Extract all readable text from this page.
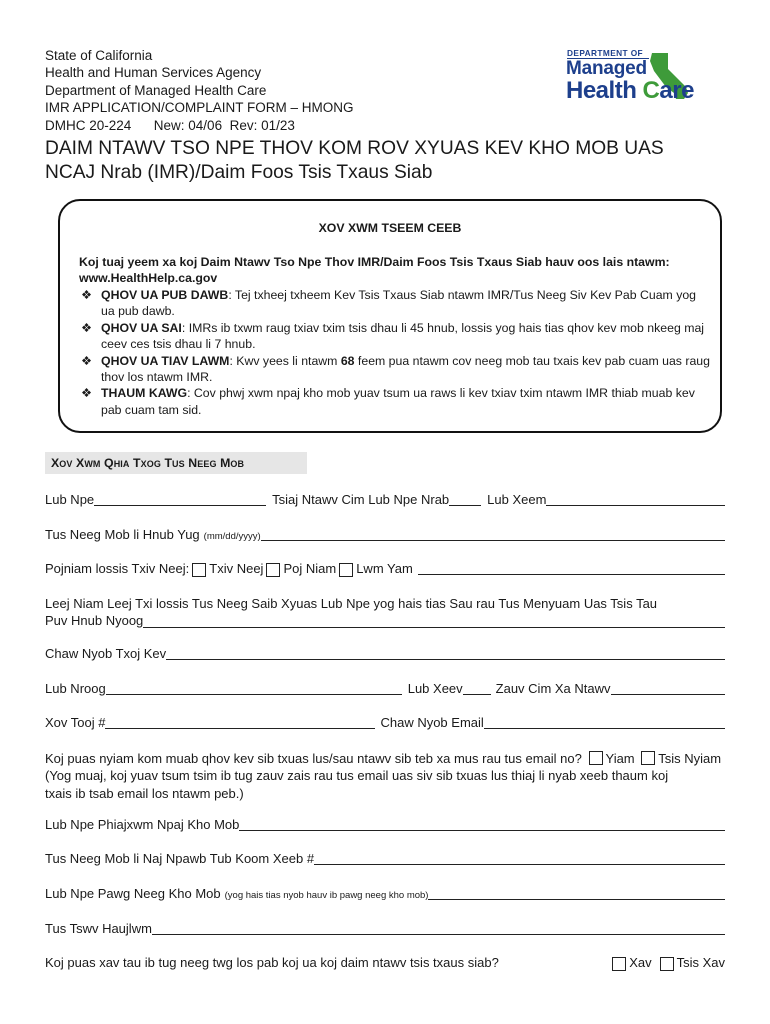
State of California
Health and Human Services Agency
Department of Managed Health Care
IMR APPLICATION/COMPLAINT FORM – HMONG
DMHC 20-224      New: 04/06  Rev: 01/23
DEPARTMENT OF
Managed
Health Care
DAIM NTAWV TSO NPE THOV KOM ROV XYUAS KEV KHO MOB UAS
NCAJ Nrab (IMR)/Daim Foos Tsis Txaus Siab
XOV XWM TSEEM CEEB
Koj tuaj yeem xa koj Daim Ntawv Tso Npe Thov IMR/Daim Foos Tsis Txaus Siab hauv oos lais ntawm: www.HealthHelp.ca.gov
❖ QHOV UA PUB DAWB: Tej txheej txheem Kev Tsis Txaus Siab ntawm IMR/Tus Neeg Siv Kev Pab Cuam yog ua pub dawb.
❖ QHOV UA SAI: IMRs ib txwm raug txiav txim tsis dhau li 45 hnub, lossis yog hais tias qhov kev mob nkeeg maj ceev ces tsis dhau li 7 hnub.
❖ QHOV UA TIAV LAWM: Kwv yees li ntawm 68 feem pua ntawm cov neeg mob tau txais kev pab cuam uas raug thov los ntawm IMR.
❖ THAUM KAWG: Cov phwj xwm npaj kho mob yuav tsum ua raws li kev txiav txim ntawm IMR thiab muab kev pab cuam tam sid.
Xov Xwm Qhia Txog Tus Neeg Mob
Lub Npe	Tsiaj Ntawv Cim Lub Npe Nrab	Lub Xeem
Tus Neeg Mob li Hnub Yug (mm/dd/yyyy)
Pojniam lossis Txiv Neej: Txiv Neej Poj Niam Lwm Yam
Leej Niam Leej Txi lossis Tus Neeg Saib Xyuas Lub Npe yog hais tias Sau rau Tus Menyuam Uas Tsis Tau
Puv Hnub Nyoog
Chaw Nyob Txoj Kev
Lub Nroog	Lub Xeev	Zauv Cim Xa Ntawv
Xov Tooj #	Chaw Nyob Email
Koj puas nyiam kom muab qhov kev sib txuas lus/sau ntawv sib teb xa mus rau tus email no? Yiam Tsis Nyiam
(Yog muaj, koj yuav tsum tsim ib tug zauv zais rau tus email uas siv sib txuas lus thiaj li nyab xeeb thaum koj
txais ib tsab email los ntawm peb.)
Lub Npe Phiajxwm Npaj Kho Mob
Tus Neeg Mob li Naj Npawb Tub Koom Xeeb #
Lub Npe Pawg Neeg Kho Mob (yog hais tias nyob hauv ib pawg neeg kho mob)
Tus Tswv Haujlwm
Koj puas xav tau ib tug neeg twg los pab koj ua koj daim ntawv tsis txaus siab?	Xav Tsis Xav
